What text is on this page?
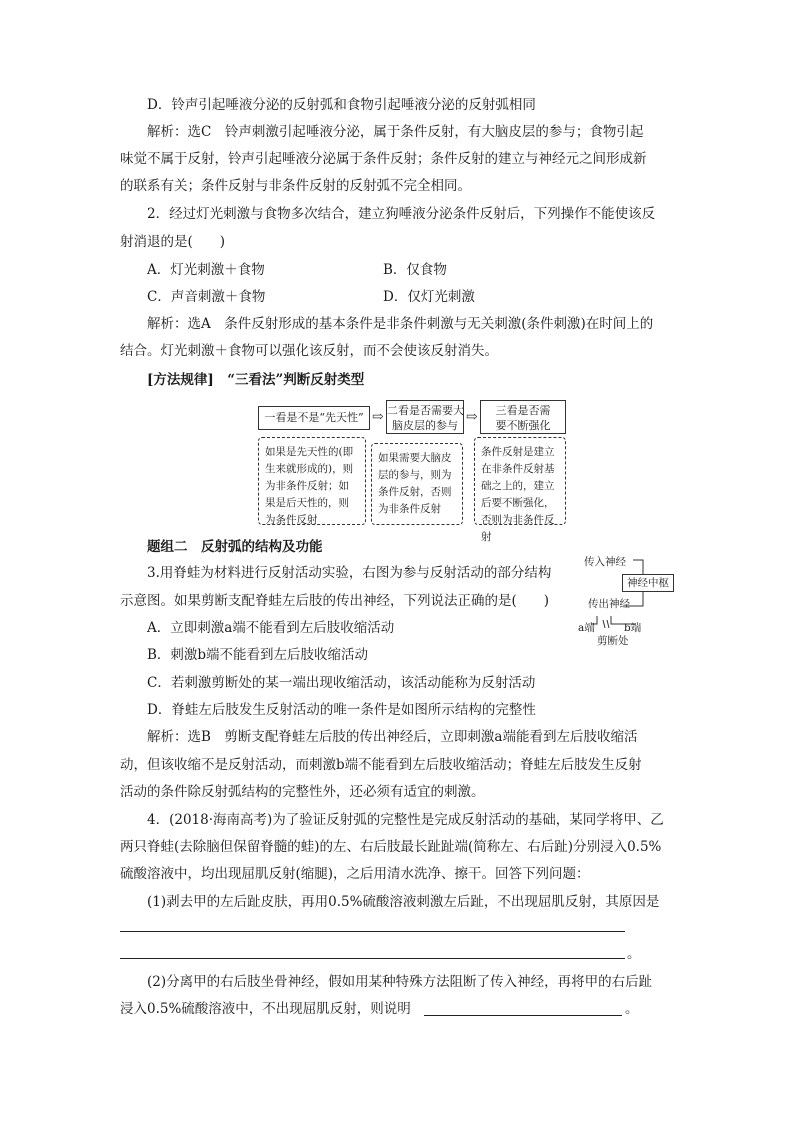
D．铃声引起唾液分泌的反射弧和食物引起唾液分泌的反射弧相同
解析：选C　铃声刺激引起唾液分泌，属于条件反射，有大脑皮层的参与；食物引起
味觉不属于反射，铃声引起唾液分泌属于条件反射；条件反射的建立与神经元之间形成新
的联系有关；条件反射与非条件反射的反射弧不完全相同。
2．经过灯光刺激与食物多次结合，建立狗唾液分泌条件反射后，下列操作不能使该反
射消退的是(　　)
A．灯光刺激＋食物	B．仅食物
C．声音刺激＋食物	D．仅灯光刺激
解析：选A　条件反射形成的基本条件是非条件刺激与无关刺激(条件刺激)在时间上的
结合。灯光刺激＋食物可以强化该反射，而不会使该反射消失。
[方法规律]　“三看法”判断反射类型
一看是不是“先天性” ⇨ 二看是否需要大
脑皮层的参与
⇨	三看是否需
要不断强化
如果是先天性的(即生来就形成的)，则为非条件反射；如果是后天性的，则为条件反射
如果需要大脑皮层的参与，则为条件反射，否则为非条件反射
条件反射是建立在非条件反射基础之上的，建立后要不断强化，否则为非条件反射
题组二　反射弧的结构及功能
3.用脊蛙为材料进行反射活动实验，右图为参与反射活动的部分结构
示意图。如果剪断支配脊蛙左后肢的传出神经，下列说法正确的是(　　)
A．立即刺激a端不能看到左后肢收缩活动
B．刺激b端不能看到左后肢收缩活动
C．若刺激剪断处的某一端出现收缩活动，该活动能称为反射活动
D．脊蛙左后肢发生反射活动的唯一条件是如图所示结构的完整性
传入神经
神经中枢
传出神经
a端	b端
剪断处
解析：选B　剪断支配脊蛙左后肢的传出神经后，立即刺激a端能看到左后肢收缩活
动，但该收缩不是反射活动，而刺激b端不能看到左后肢收缩活动；脊蛙左后肢发生反射
活动的条件除反射弧结构的完整性外，还必须有适宜的刺激。
4．(2018·海南高考)为了验证反射弧的完整性是完成反射活动的基础，某同学将甲、乙
两只脊蛙(去除脑但保留脊髓的蛙)的左、右后肢最长趾趾端(简称左、右后趾)分别浸入0.5%
硫酸溶液中，均出现屈肌反射(缩腿)，之后用清水洗净、擦干。回答下列问题：
(1)剥去甲的左后趾皮肤，再用0.5%硫酸溶液刺激左后趾，不出现屈肌反射，其原因是
。
(2)分离甲的右后肢坐骨神经，假如用某种特殊方法阻断了传入神经，再将甲的右后趾
浸入0.5%硫酸溶液中，不出现屈肌反射，则说明	。
